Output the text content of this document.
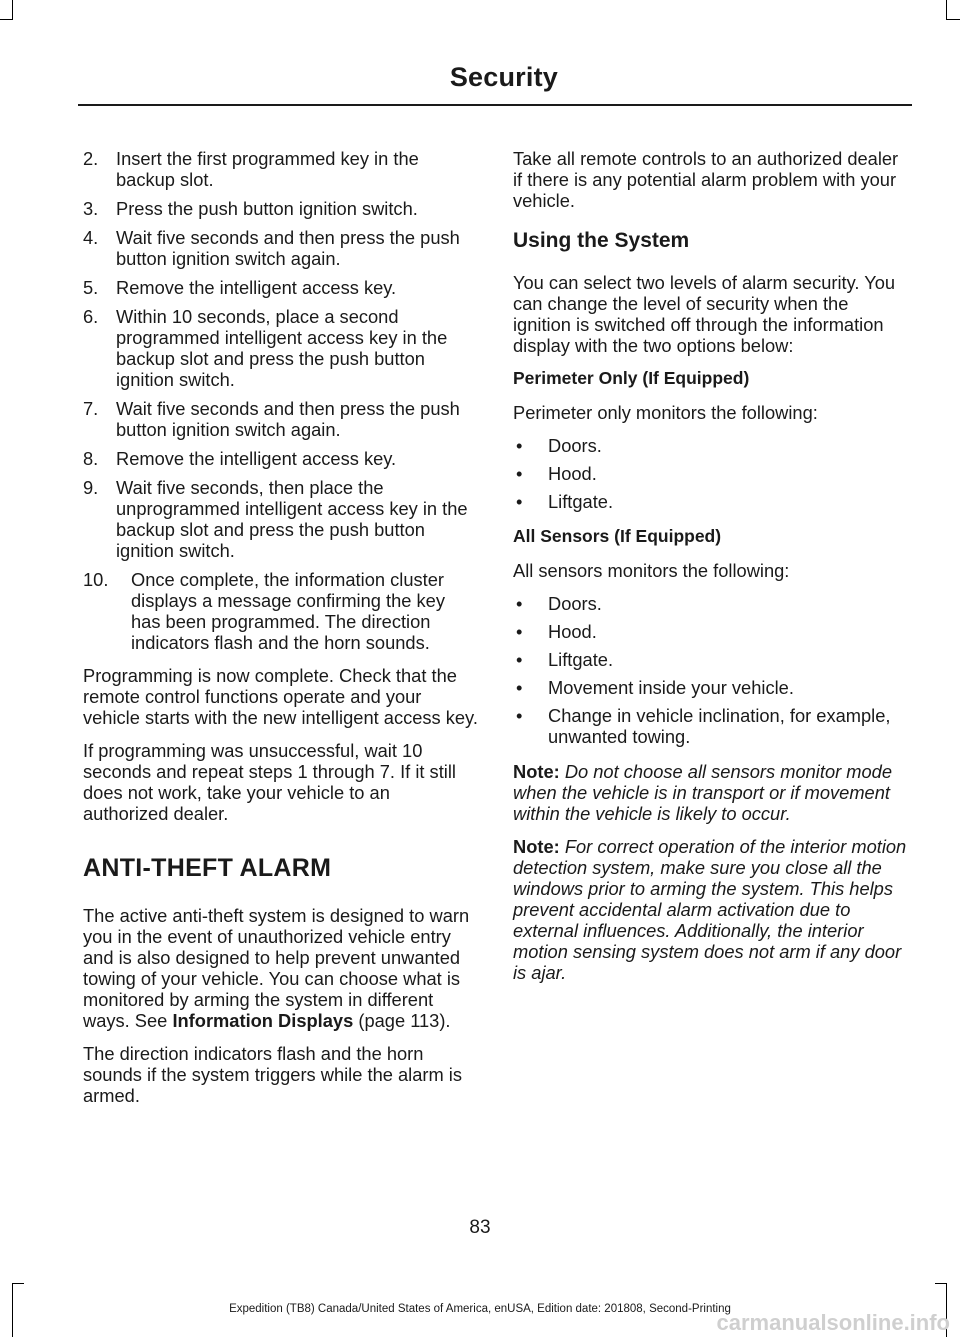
Security
2. Insert the first programmed key in the backup slot.
3. Press the push button ignition switch.
4. Wait five seconds and then press the push button ignition switch again.
5. Remove the intelligent access key.
6. Within 10 seconds, place a second programmed intelligent access key in the backup slot and press the push button ignition switch.
7. Wait five seconds and then press the push button ignition switch again.
8. Remove the intelligent access key.
9. Wait five seconds, then place the unprogrammed intelligent access key in the backup slot and press the push button ignition switch.
10. Once complete, the information cluster displays a message confirming the key has been programmed. The direction indicators flash and the horn sounds.

Programming is now complete. Check that the remote control functions operate and your vehicle starts with the new intelligent access key.

If programming was unsuccessful, wait 10 seconds and repeat steps 1 through 7. If it still does not work, take your vehicle to an authorized dealer.

ANTI-THEFT ALARM

The active anti-theft system is designed to warn you in the event of unauthorized vehicle entry and is also designed to help prevent unwanted towing of your vehicle. You can choose what is monitored by arming the system in different ways. See Information Displays (page 113).

The direction indicators flash and the horn sounds if the system triggers while the alarm is armed.

Take all remote controls to an authorized dealer if there is any potential alarm problem with your vehicle.

Using the System

You can select two levels of alarm security. You can change the level of security when the ignition is switched off through the information display with the two options below:

Perimeter Only (If Equipped)

Perimeter only monitors the following:

• Doors.
• Hood.
• Liftgate.
All Sensors (If Equipped)

All sensors monitors the following:

• Doors.
• Hood.
• Liftgate.
• Movement inside your vehicle.
• Change in vehicle inclination, for example, unwanted towing.

Note: Do not choose all sensors monitor mode when the vehicle is in transport or if movement within the vehicle is likely to occur.

Note: For correct operation of the interior motion detection system, make sure you close all the windows prior to arming the system. This helps prevent accidental alarm activation due to external influences. Additionally, the interior motion sensing system does not arm if any door is ajar.

83
Expedition (TB8) Canada/United States of America, enUSA, Edition date: 201808, Second-Printing
carmanualsonline.info
